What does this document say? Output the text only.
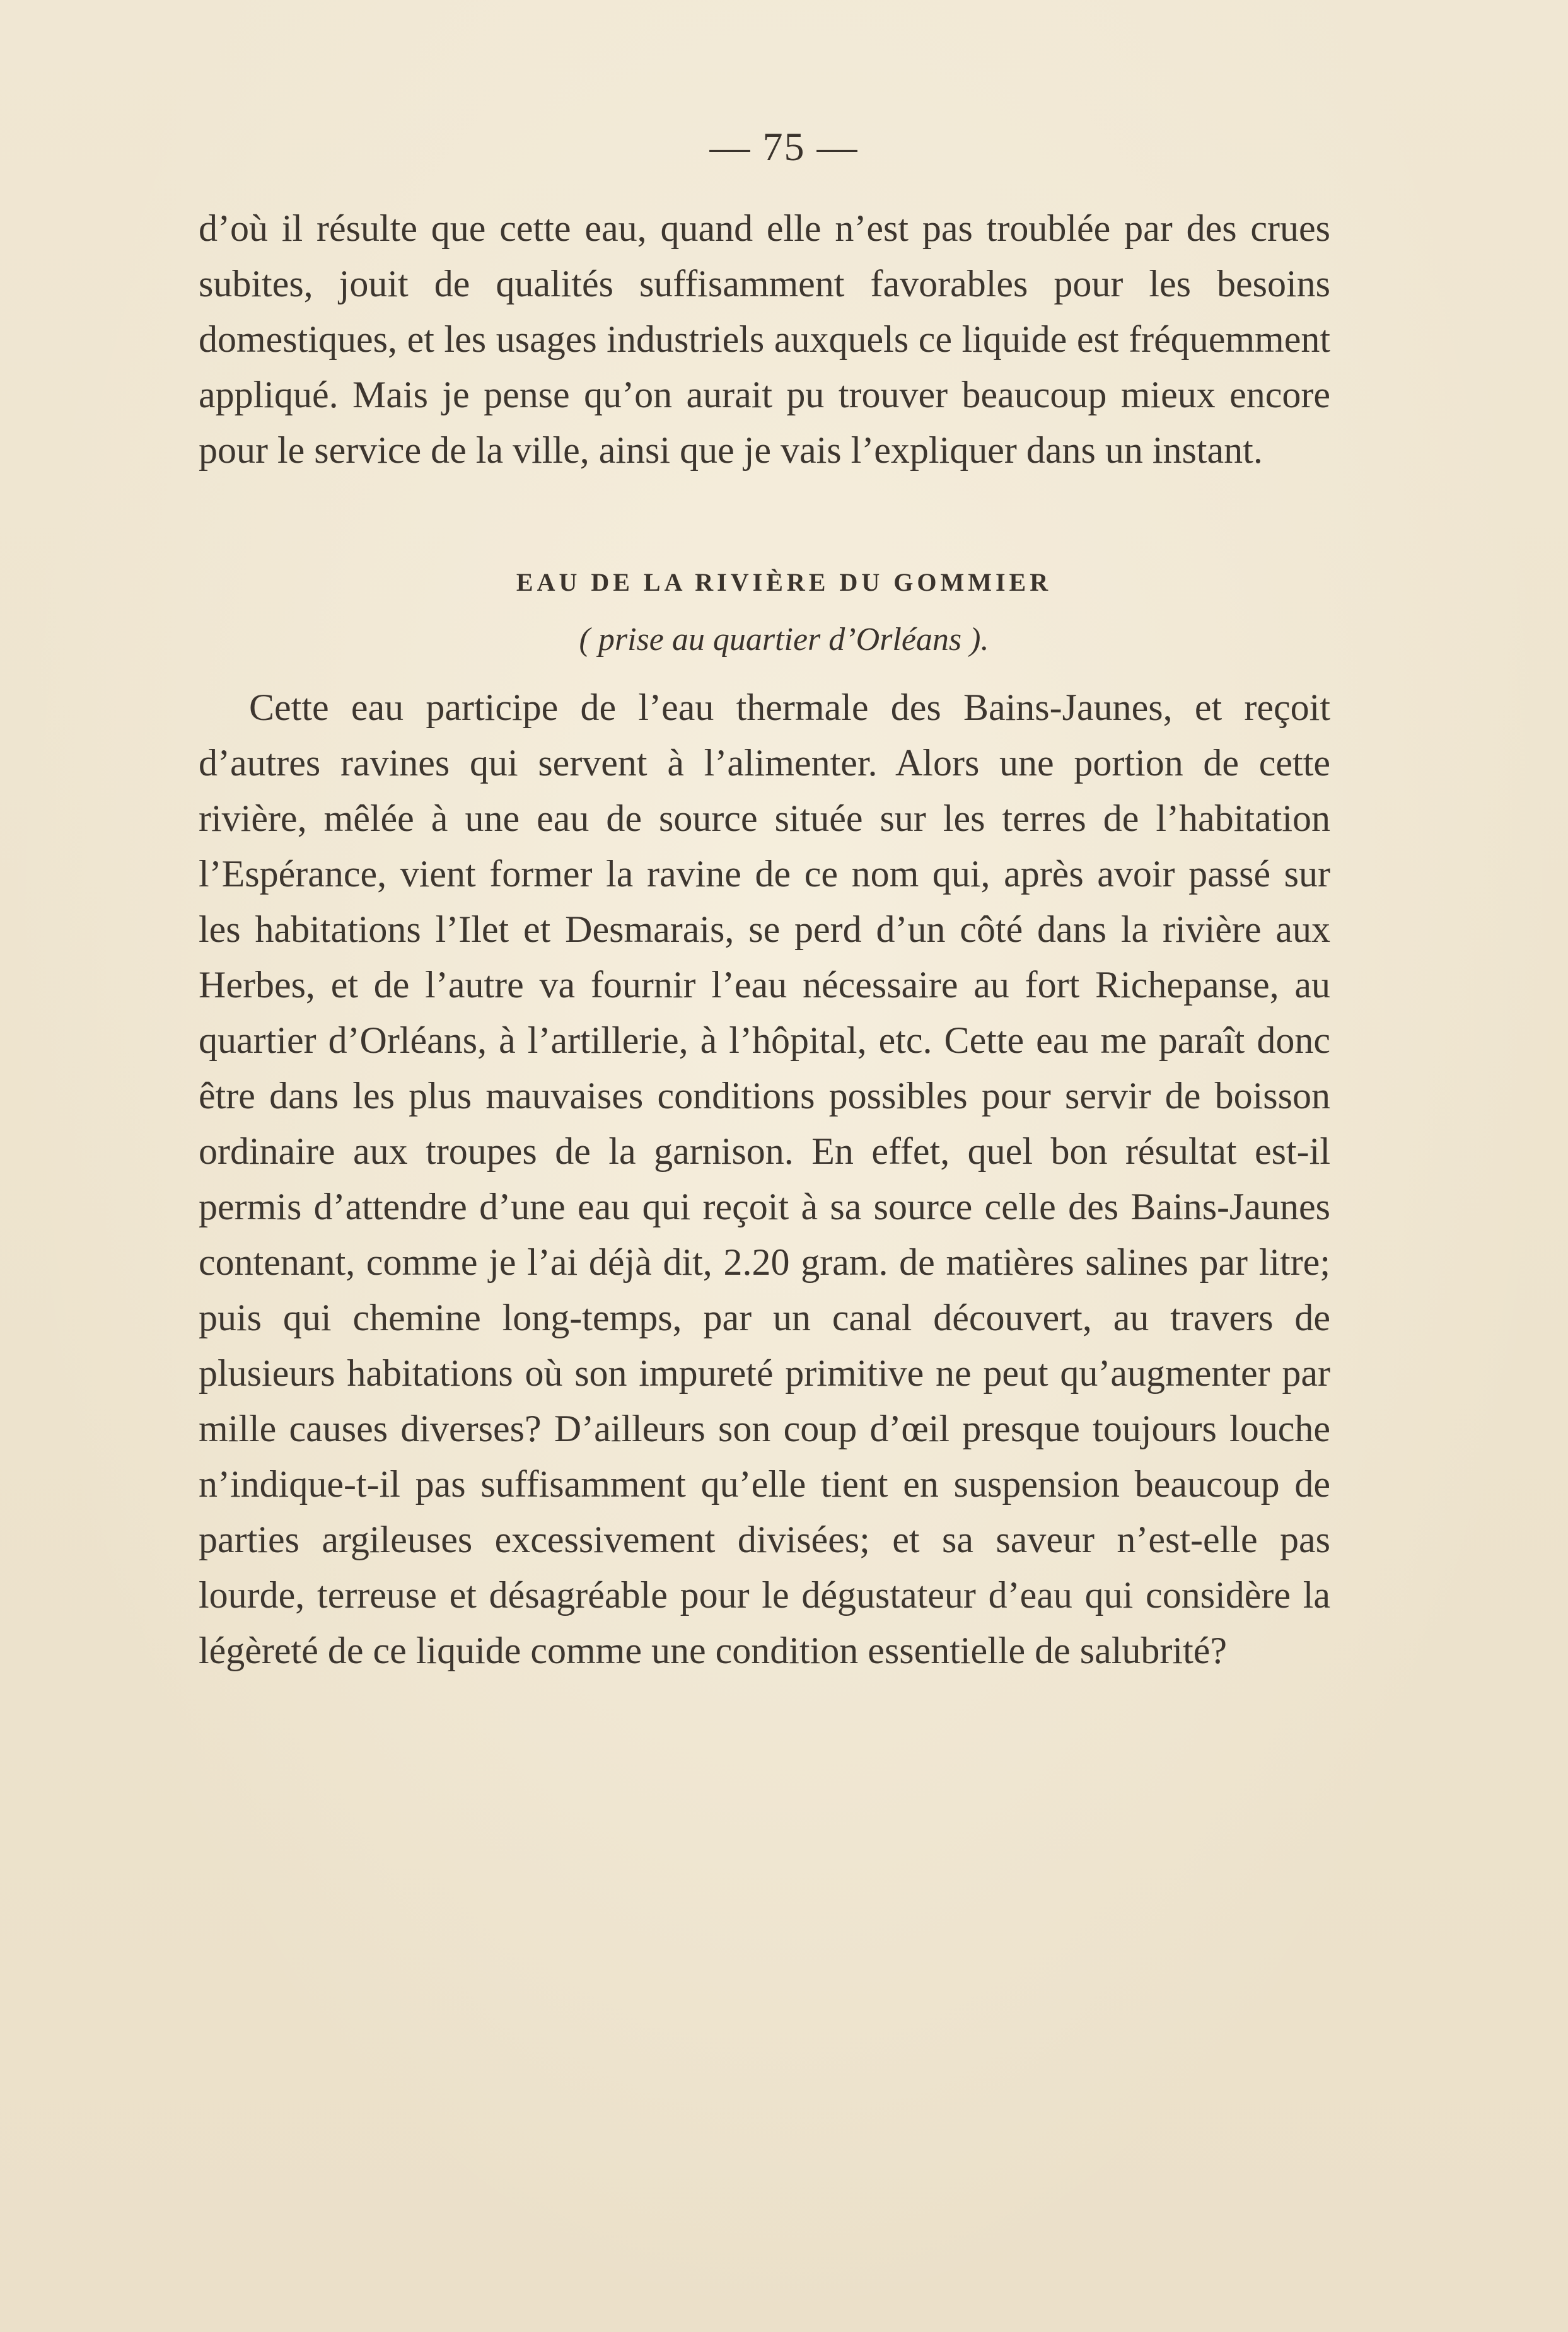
— 75 —

d’où il résulte que cette eau, quand elle n’est pas troublée par des crues subites, jouit de qualités suffisamment favorables pour les besoins domestiques, et les usages industriels auxquels ce liquide est fréquemment appliqué. Mais je pense qu’on aurait pu trouver beaucoup mieux encore pour le service de la ville, ainsi que je vais l’expliquer dans un instant.

EAU DE LA RIVIÈRE DU GOMMIER
( prise au quartier d’Orléans ).

Cette eau participe de l’eau thermale des Bains-Jaunes, et reçoit d’autres ravines qui servent à l’alimenter. Alors une portion de cette rivière, mêlée à une eau de source située sur les terres de l’habitation l’Espérance, vient former la ravine de ce nom qui, après avoir passé sur les habitations l’Ilet et Desmarais, se perd d’un côté dans la rivière aux Herbes, et de l’autre va fournir l’eau nécessaire au fort Richepanse, au quartier d’Orléans, à l’artillerie, à l’hôpital, etc. Cette eau me paraît donc être dans les plus mauvaises conditions possibles pour servir de boisson ordinaire aux troupes de la garnison. En effet, quel bon résultat est-il permis d’attendre d’une eau qui reçoit à sa source celle des Bains-Jaunes contenant, comme je l’ai déjà dit, 2.20 gram. de matières salines par litre; puis qui chemine long-temps, par un canal découvert, au travers de plusieurs habitations où son impureté primitive ne peut qu’augmenter par mille causes diverses? D’ailleurs son coup d’œil presque toujours louche n’indique-t-il pas suffisamment qu’elle tient en suspension beaucoup de parties argileuses excessivement divisées; et sa saveur n’est-elle pas lourde, terreuse et désagréable pour le dégustateur d’eau qui considère la légèreté de ce liquide comme une condition essentielle de salubrité?
